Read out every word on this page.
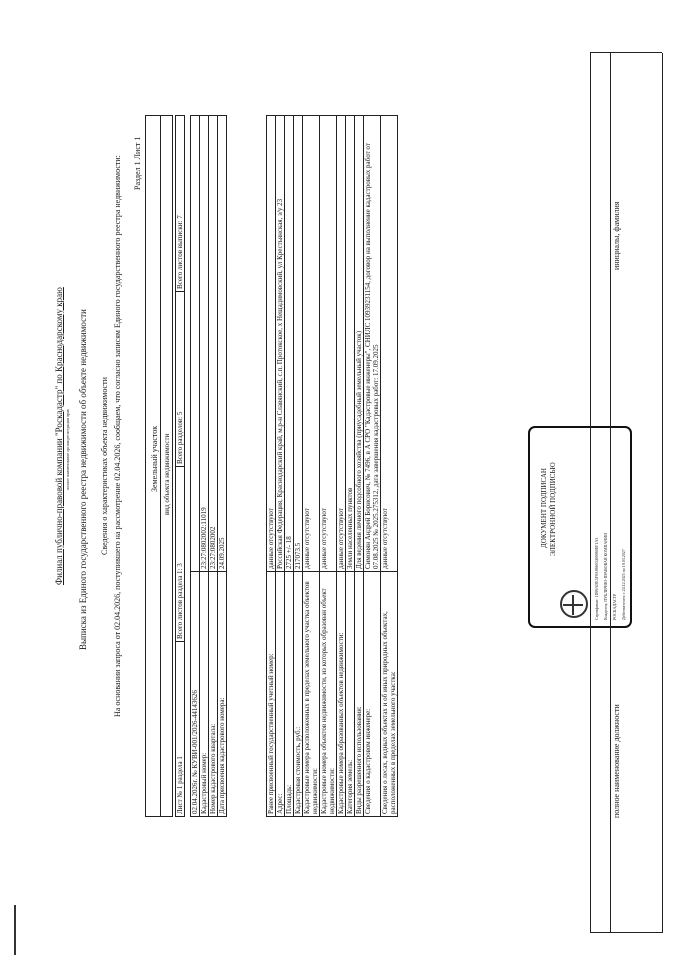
Филиал публично-правовой компании "Роскадастр" по Краснодарскому краю полное наименование органа регистрации прав Выписка из Единого государственного реестра недвижимости об объекте недвижимости Сведения о характеристиках объекта недвижимости На основании запроса от 02.04.2026, поступившего на рассмотрение 02.04.2026, сообщаем, что согласно записям Единого государственного реестра недвижимости: Раздел 1 Лист 1
Земельный участок вид объекта недвижимости
Лист № 1 раздела 1	Всего листов раздела 1: 3	Всего разделов: 5	Всего листов выписки: 7
02.04.2026г. № КУВИ-001/2026-44143626	
Кадастровый номер:	23:27:0802002:11019
Номер кадастрового квартала:	23:27:0802002
Дата присвоения кадастрового номера:	24.09.2025
Ранее присвоенный государственный учетный номер:	данные отсутствуют
Адрес:	Российская Федерация, Краснодарский край, м.р-н Славянский, с.п. Протокское, х Нещадимовский, ул Крестьянская, з/у 23
Площадь:	2725 +/- 18
Кадастровая стоимость, руб.:	217073.5
Кадастровые номера расположенных в пределах земельного участка объектов недвижимости:	данные отсутствуют
Кадастровые номера объектов недвижимости, из которых образован объект недвижимости:	данные отсутствуют
Кадастровые номера образованных объектов недвижимости:	данные отсутствуют
Категория земель:	Земли населенных пунктов
Виды разрешенного использования:	Для ведения личного подсобного хозяйства (приусадебный земельный участок)
Сведения о кадастровом инженере:	Симонян Андрей Борисович, № 7496, в А СРО "Кадастровые инженеры", СНИЛС 10939231154, договор на выполнение кадастровых работ от 07.08.2025 № 2025.275312, дата завершения кадастровых работ: 17.09.2025
Сведения о лесах, водных объектах и об иных природных объектах, расположенных в пределах земельного участка:	данные отсутствуют	ДОКУМЕНТ ПОДПИСАН ЭЛЕКТРОННОЙ ПОДПИСЬЮ
Сертификат: 1D99ADE5F9A86603400060EF1A3 Владелец: ПУБЛИЧНО-ПРАВОВАЯ КОМПАНИЯ РОСКАДАСТР Действителен: с 24.12.2025 по 19.03.2027
полное наименование должности
инициалы, фамилия
